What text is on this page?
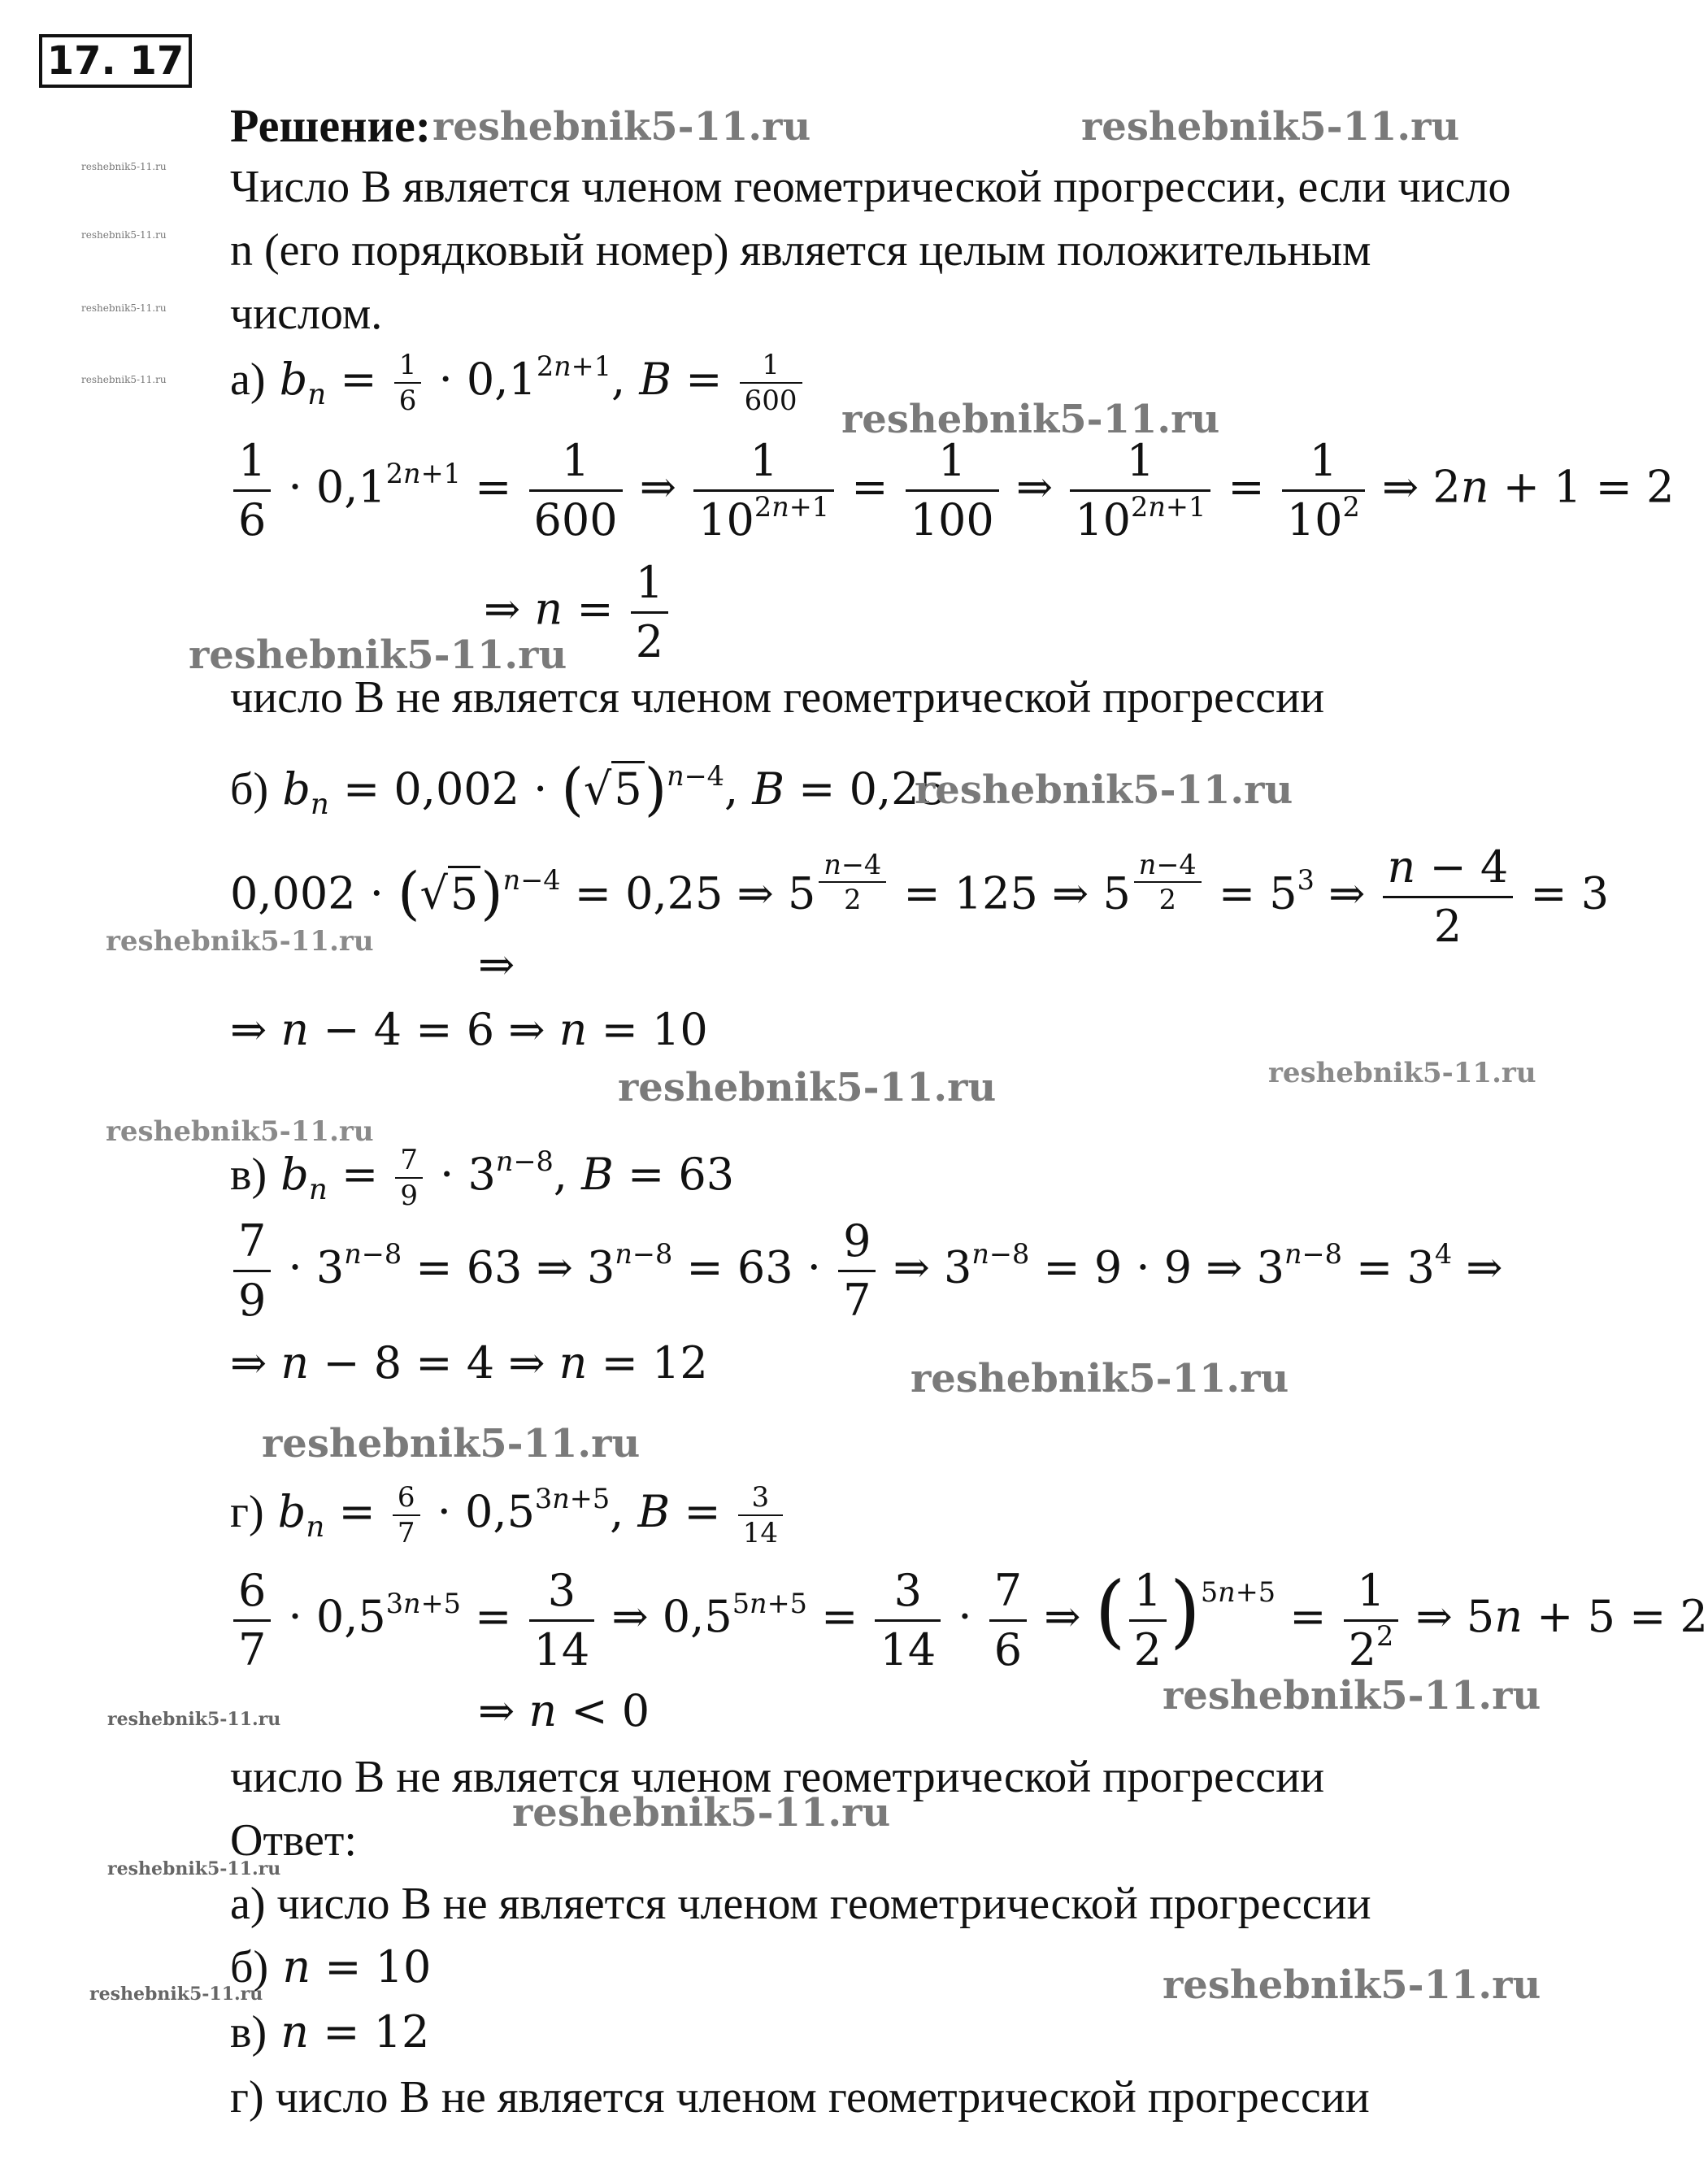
17. 17
Решение:
Число B является членом геометрической прогрессии, если число
n (его порядковый номер) является целым положительным
числом.
а) $b_n = \frac{1}{6} \cdot 0,1^{2n+1}$, $B = \frac{1}{600}$
$\frac{1}{6} \cdot 0,1^{2n+1} = \frac{1}{600}$ ⇒ $\frac{1}{10^{2n+1}} = \frac{1}{100}$ ⇒ $\frac{1}{10^{2n+1}} = \frac{1}{10^2}$ ⇒ 2n + 1 = 2
⇒ $n = \frac{1}{2}$
число B не является членом геометрической прогрессии
б) $b_n = 0,002 \cdot (√5)^{n-4}$, B = 0,25
$0,002 \cdot (√5)^{n-4} = 0,25$ ⇒ 5 $^{\frac{n-4}{2}}$ = 125 ⇒ 5 $^{\frac{n-4}{2}} = 5^3$ ⇒ $\frac{n - 4}{2} = 3$
⇒
⇒ n − 4 = 6 ⇒ n = 10
в) $b_n = \frac{7}{9} \cdot 3^{n-8}$, B = 63
$\frac{7}{9} \cdot 3^{n-8} = 63$ ⇒ $3^{n-8} = 63 \cdot \frac{9}{7}$ ⇒ $3^{n-8} = 9 \cdot 9$ ⇒ $3^{n-8} = 3^4$ ⇒
⇒ n − 8 = 4 ⇒ n = 12
г) $b_n = \frac{6}{7} \cdot 0,5^{3n+5}$, $B = \frac{3}{14}$
$\frac{6}{7} \cdot 0,5^{3n+5} = \frac{3}{14}$ ⇒ $0,5^{5n+5} = \frac{3}{14} \cdot \frac{7}{6}$ ⇒ ( $\frac{1}{2} )^{5n+5} = \frac{1}{2^2}$ ⇒ 5n + 5 = 2
⇒ n < 0
число B не является членом геометрической прогрессии
Ответ:
а) число B не является членом геометрической прогрессии
б) n = 10
в) n = 12
г) число B не является членом геометрической прогрессии
reshebnik5-11.ru	reshebnik5-11.ru
reshebnik5-11.ru
reshebnik5-11.ru
reshebnik5-11.ru
reshebnik5-11.ru
reshebnik5-11.ru	reshebnik5-11.ru
reshebnik5-11.ru
reshebnik5-11.ru
reshebnik5-11.ru
reshebnik5-11.ru
reshebnik5-11.ru
reshebnik5-11.ru
reshebnik5-11.ru
reshebnik5-11.ru	reshebnik5-11.ru
reshebnik5-11.ru
reshebnik5-11.ru
reshebnik5-11.ru
reshebnik5-11.ru
